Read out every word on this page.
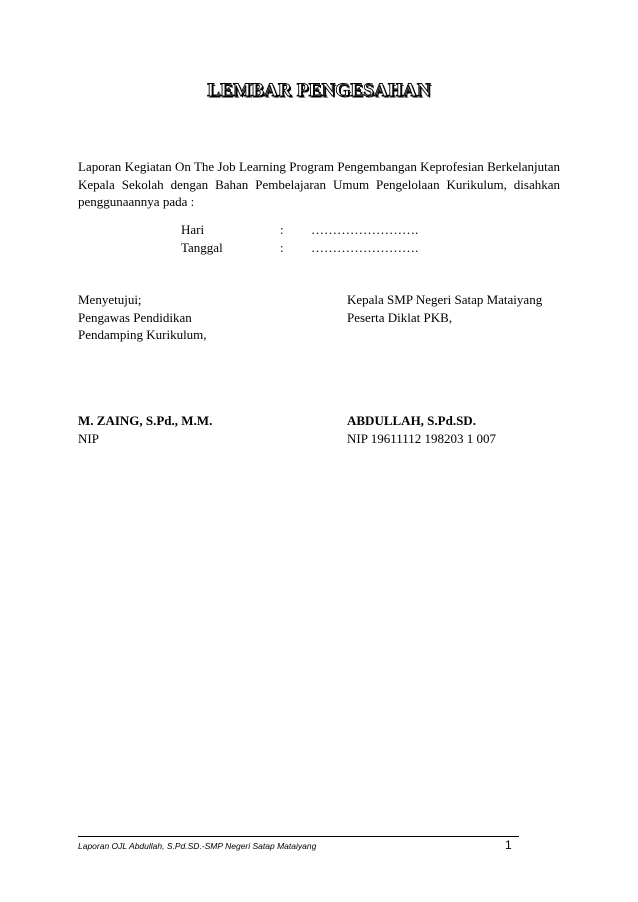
LEMBAR PENGESAHAN

Laporan Kegiatan On The Job Learning Program Pengembangan Keprofesian Berkelanjutan
Kepala Sekolah dengan Bahan Pembelajaran Umum Pengelolaan Kurikulum, disahkan
penggunaannya pada :

Hari	: …………………….
Tanggal	: …………………….
Menyetujui;
Pengawas Pendidikan
Pendamping Kurikulum,
Kepala SMP Negeri Satap Mataiyang
Peserta Diklat PKB,
M. ZAING, S.Pd., M.M.
NIP
ABDULLAH, S.Pd.SD.
NIP 19611112 198203 1 007
Laporan OJL Abdullah, S.Pd.SD.-SMP Negeri Satap Mataiyang	1
